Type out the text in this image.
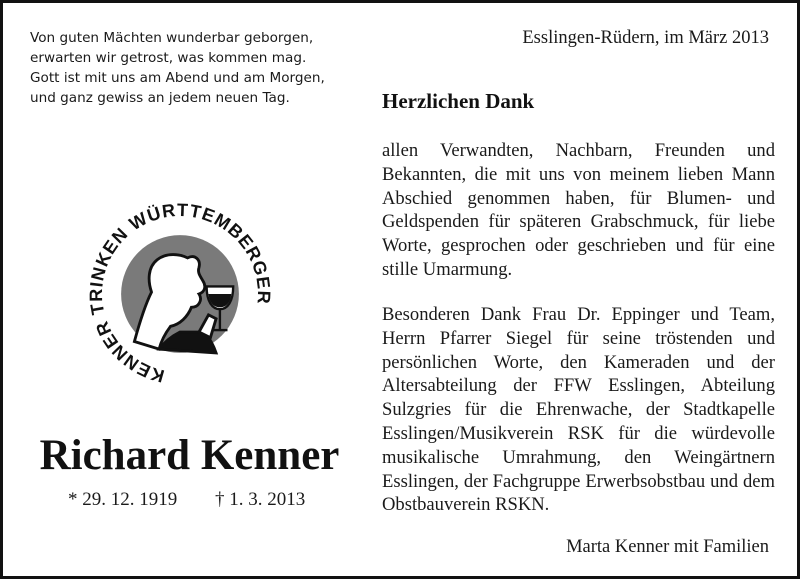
Von guten Mächten wunderbar geborgen,
erwarten wir getrost, was kommen mag.
Gott ist mit uns am Abend und am Morgen,
und ganz gewiss an jedem neuen Tag.
Esslingen-Rüdern, im März 2013
Herzlichen Dank
allen Verwandten, Nachbarn, Freunden und Bekannten, die mit uns von meinem lieben Mann Abschied genommen haben, für Blumen- und Geldspenden für späteren Grabschmuck, für liebe Worte, gesprochen oder geschrieben und für eine stille Umarmung.
Besonderen Dank Frau Dr. Eppinger und Team, Herrn Pfarrer Siegel für seine tröstenden und persönlichen Worte, den Kameraden und der Altersabteilung der FFW Esslingen, Abteilung Sulzgries für die Ehrenwache, der Stadtkapelle Esslingen/Musikverein RSK für die würdevolle musikalische Umrahmung, den Weingärtnern Esslingen, der Fachgruppe Erwerbsobstbau und dem Obstbauverein RSKN.
Marta Kenner mit Familien
KENNER TRINKEN WÜRTTEMBERGER
Richard Kenner
* 29. 12. 1919 † 1. 3. 2013
